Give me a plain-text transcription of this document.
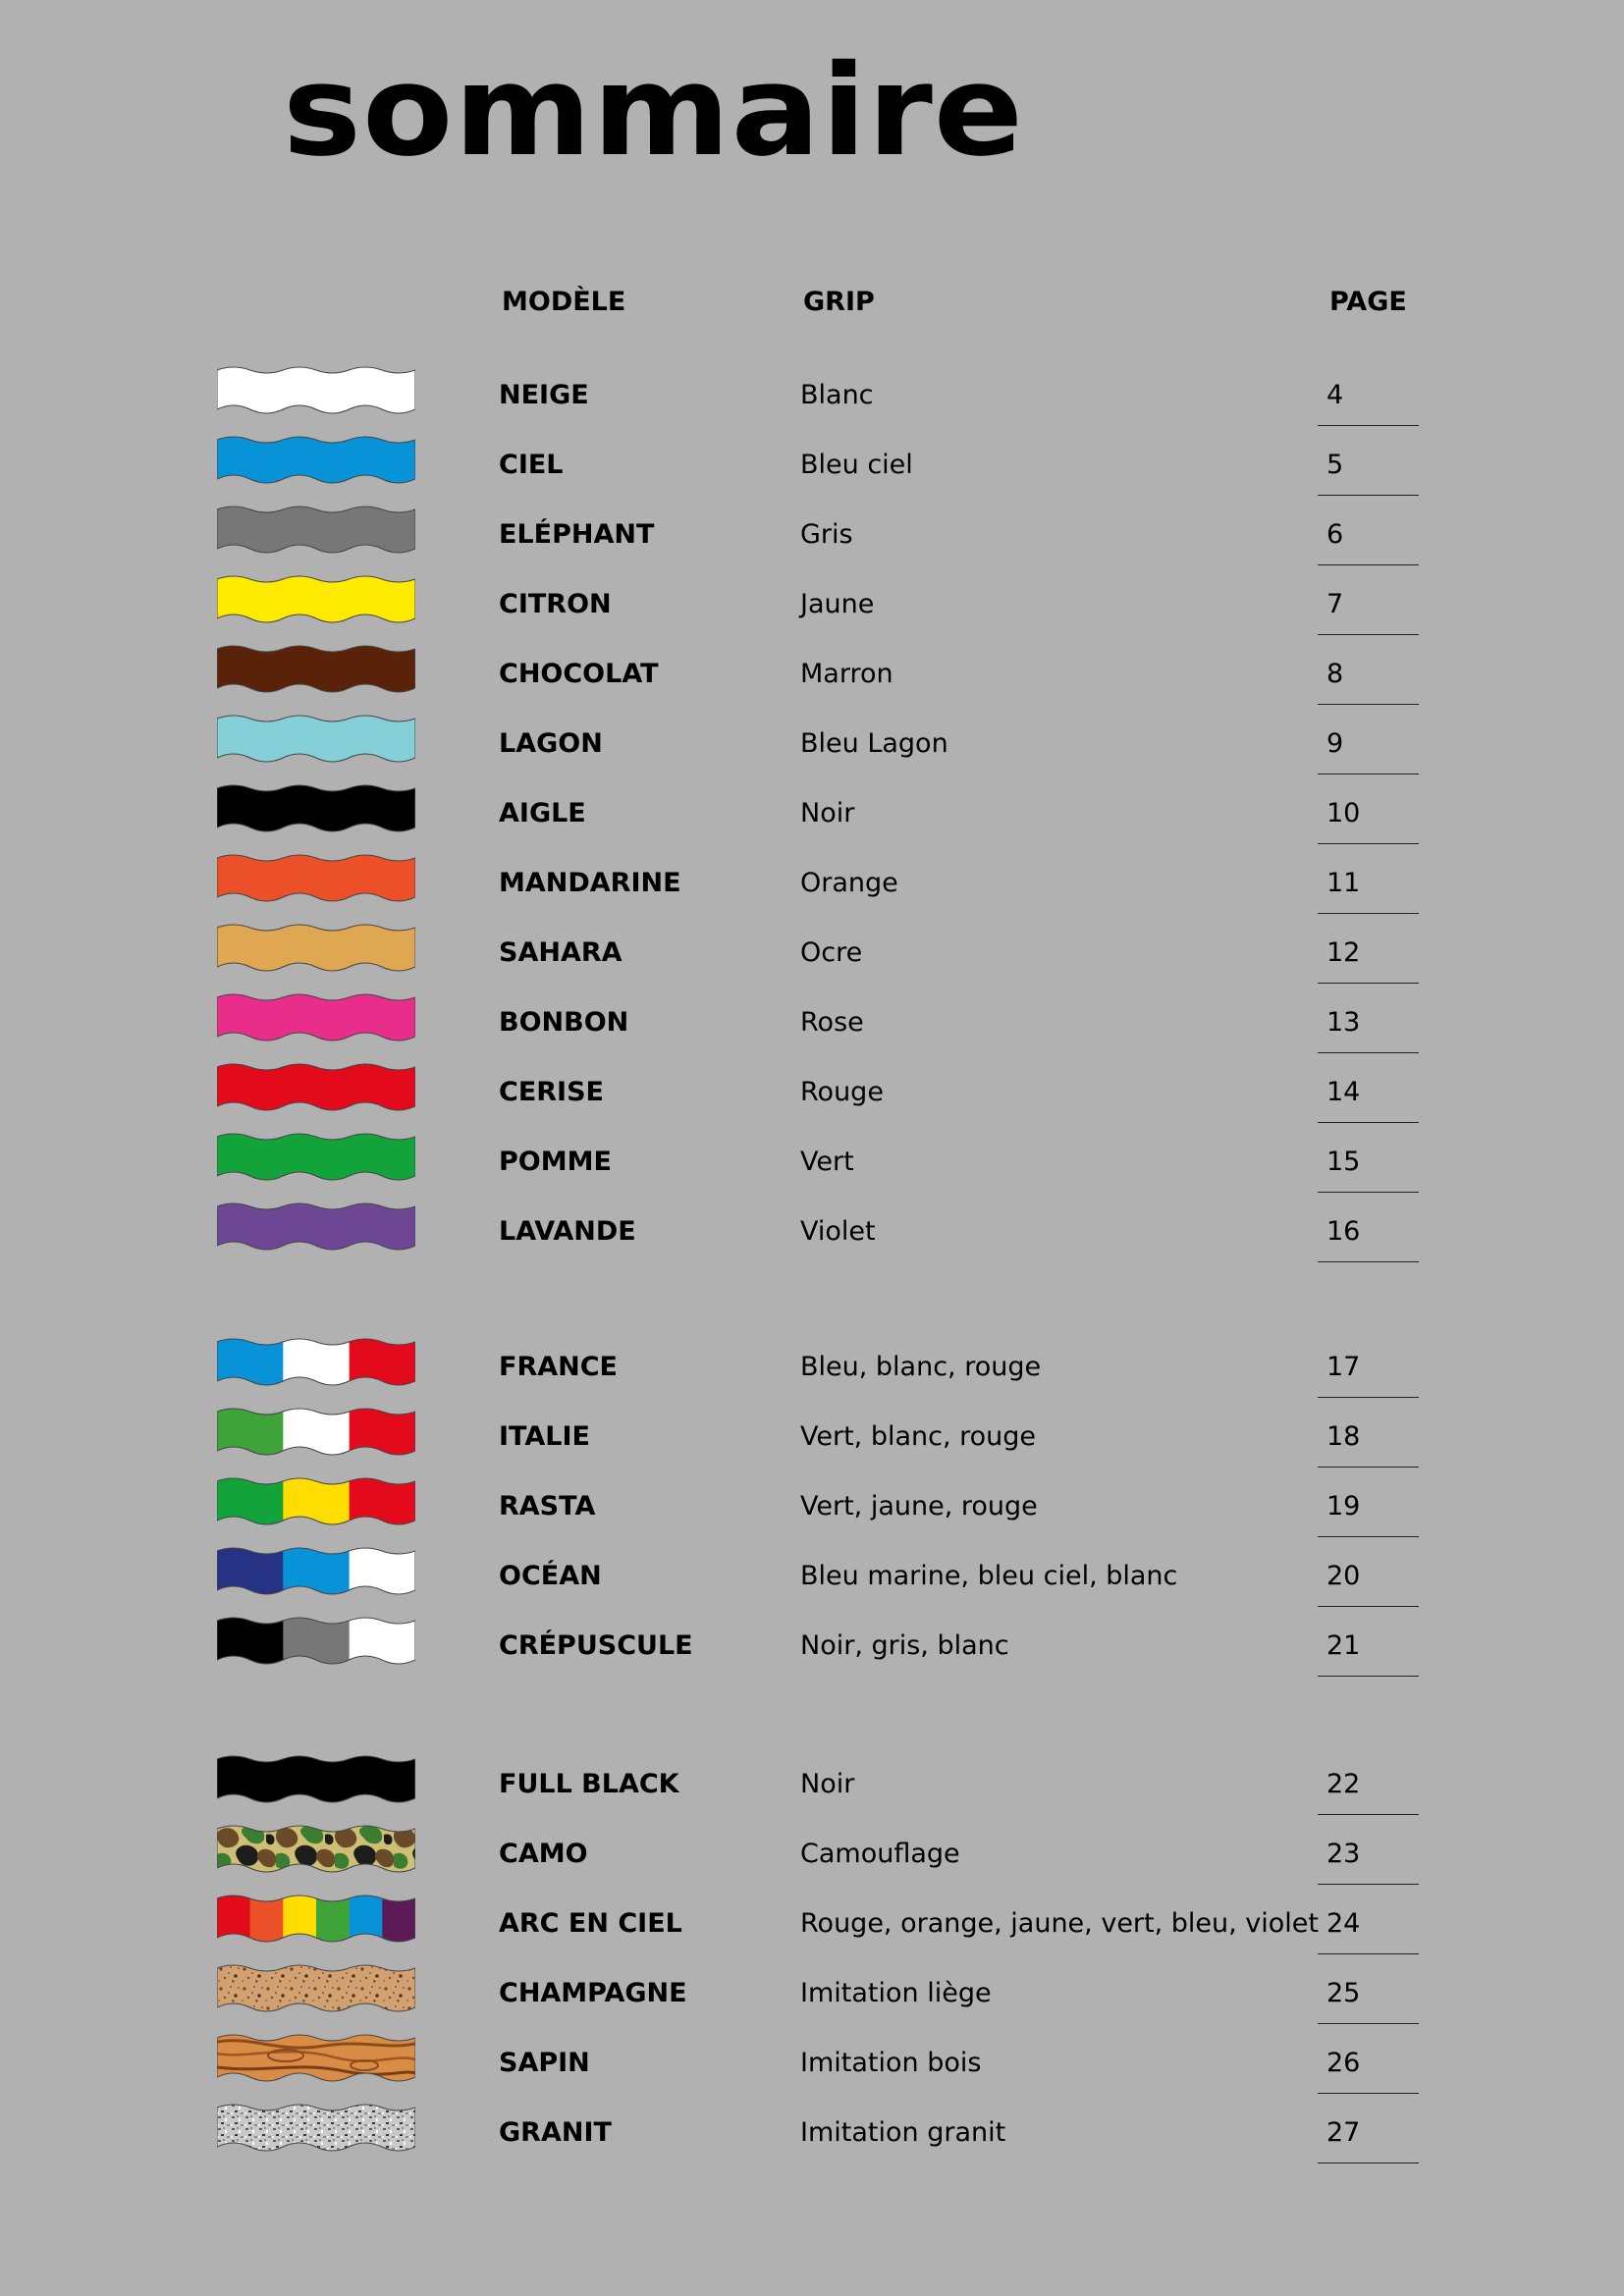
sommaire
MODÈLE	GRIP	PAGE
NEIGE	Blanc	4
CIEL	Bleu ciel	5
ELÉPHANT	Gris	6
CITRON	Jaune	7
CHOCOLAT	Marron	8
LAGON	Bleu Lagon	9
AIGLE	Noir	10
MANDARINE	Orange	11
SAHARA	Ocre	12
BONBON	Rose	13
CERISE	Rouge	14
POMME	Vert	15
LAVANDE	Violet	16
FRANCE	Bleu, blanc, rouge	17
ITALIE	Vert, blanc, rouge	18
RASTA	Vert, jaune, rouge	19
OCÉAN	Bleu marine, bleu ciel, blanc	20
CRÉPUSCULE	Noir, gris, blanc	21
FULL BLACK	Noir	22
CAMO	Camouflage	23
ARC EN CIEL	Rouge, orange, jaune, vert, bleu, violet 24
CHAMPAGNE	Imitation liège	25
SAPIN	Imitation bois	26
GRANIT	Imitation granit	27
